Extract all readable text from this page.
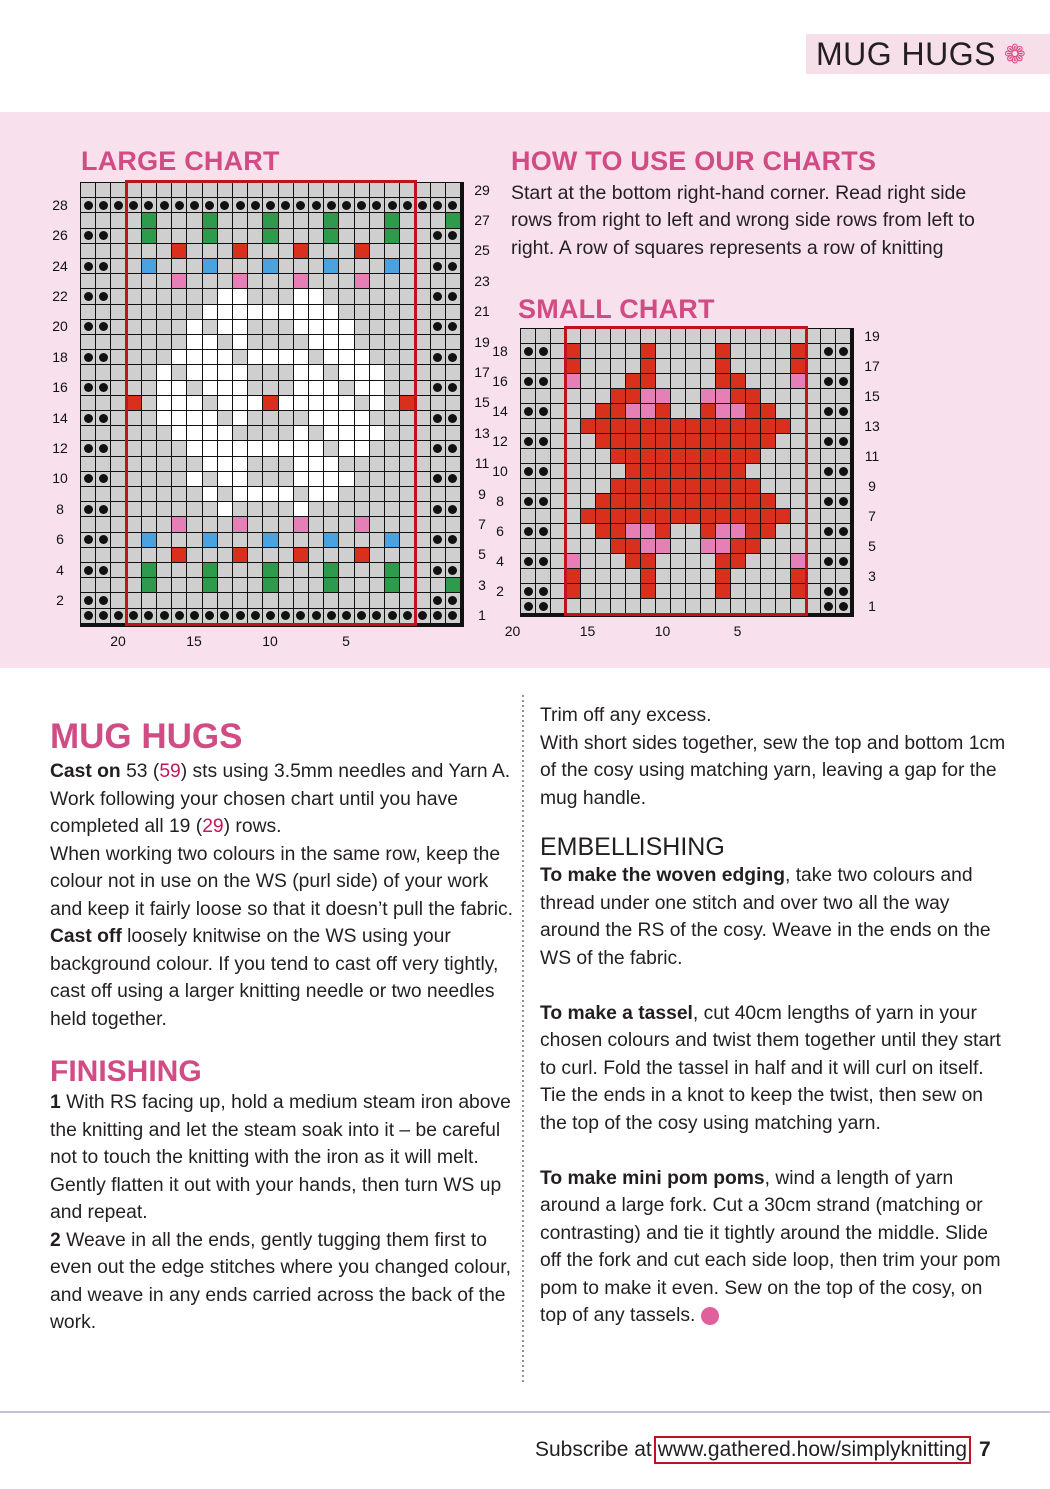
MUG HUGS ❁
LARGE CHART	HOW TO USE OUR CHARTS
Start at the bottom right-hand corner. Read right side rows from right to left and wrong side rows from left to right. A row of squares represents a row of knitting
SMALL CHART
28
26
24
22
20
18
16
14
12
10
8
6
4
2
29
27
25
23
21
19
17
15
13
11
9
7
5
3
1
20	15	10	5
18
16
14
12
10
8
6
4
2
19
17
15
13
11
9
7
5
3
1
20	15	10	5
MUG HUGS

Cast on 53 (59) sts using 3.5mm needles and Yarn A.

Work following your chosen chart until you have completed all 19 (29) rows.

When working two colours in the same row, keep the colour not in use on the WS (purl side) of your work and keep it fairly loose so that it doesn’t pull the fabric.

Cast off loosely knitwise on the WS using your background colour. If you tend to cast off very tightly, cast off using a larger knitting needle or two needles held together.

FINISHING

1 With RS facing up, hold a medium steam iron above the knitting and let the steam soak into it – be careful not to touch the knitting with the iron as it will melt. Gently flatten it out with your hands, then turn WS up and repeat.

2 Weave in all the ends, gently tugging them first to even out the edge stitches where you changed colour, and weave in any ends carried across the back of the work.

Trim off any excess.

With short sides together, sew the top and bottom 1cm of the cosy using matching yarn, leaving a gap for the mug handle.

EMBELLISHING

To make the woven edging, take two colours and thread under one stitch and over two all the way around the RS of the cosy. Weave in the ends on the WS of the fabric.

To make a tassel, cut 40cm lengths of yarn in your chosen colours and twist them together until they start to curl. Fold the tassel in half and it will curl on itself. Tie the ends in a knot to keep the twist, then sew on the top of the cosy using matching yarn.

To make mini pom poms, wind a length of yarn around a large fork. Cut a 30cm strand (matching or contrasting) and tie it tightly around the middle. Slide off the fork and cut each side loop, then trim your pom pom to make it even. Sew on the top of the cosy, on top of any tassels.

Subscribe at www.gathered.how/simplyknitting 7
